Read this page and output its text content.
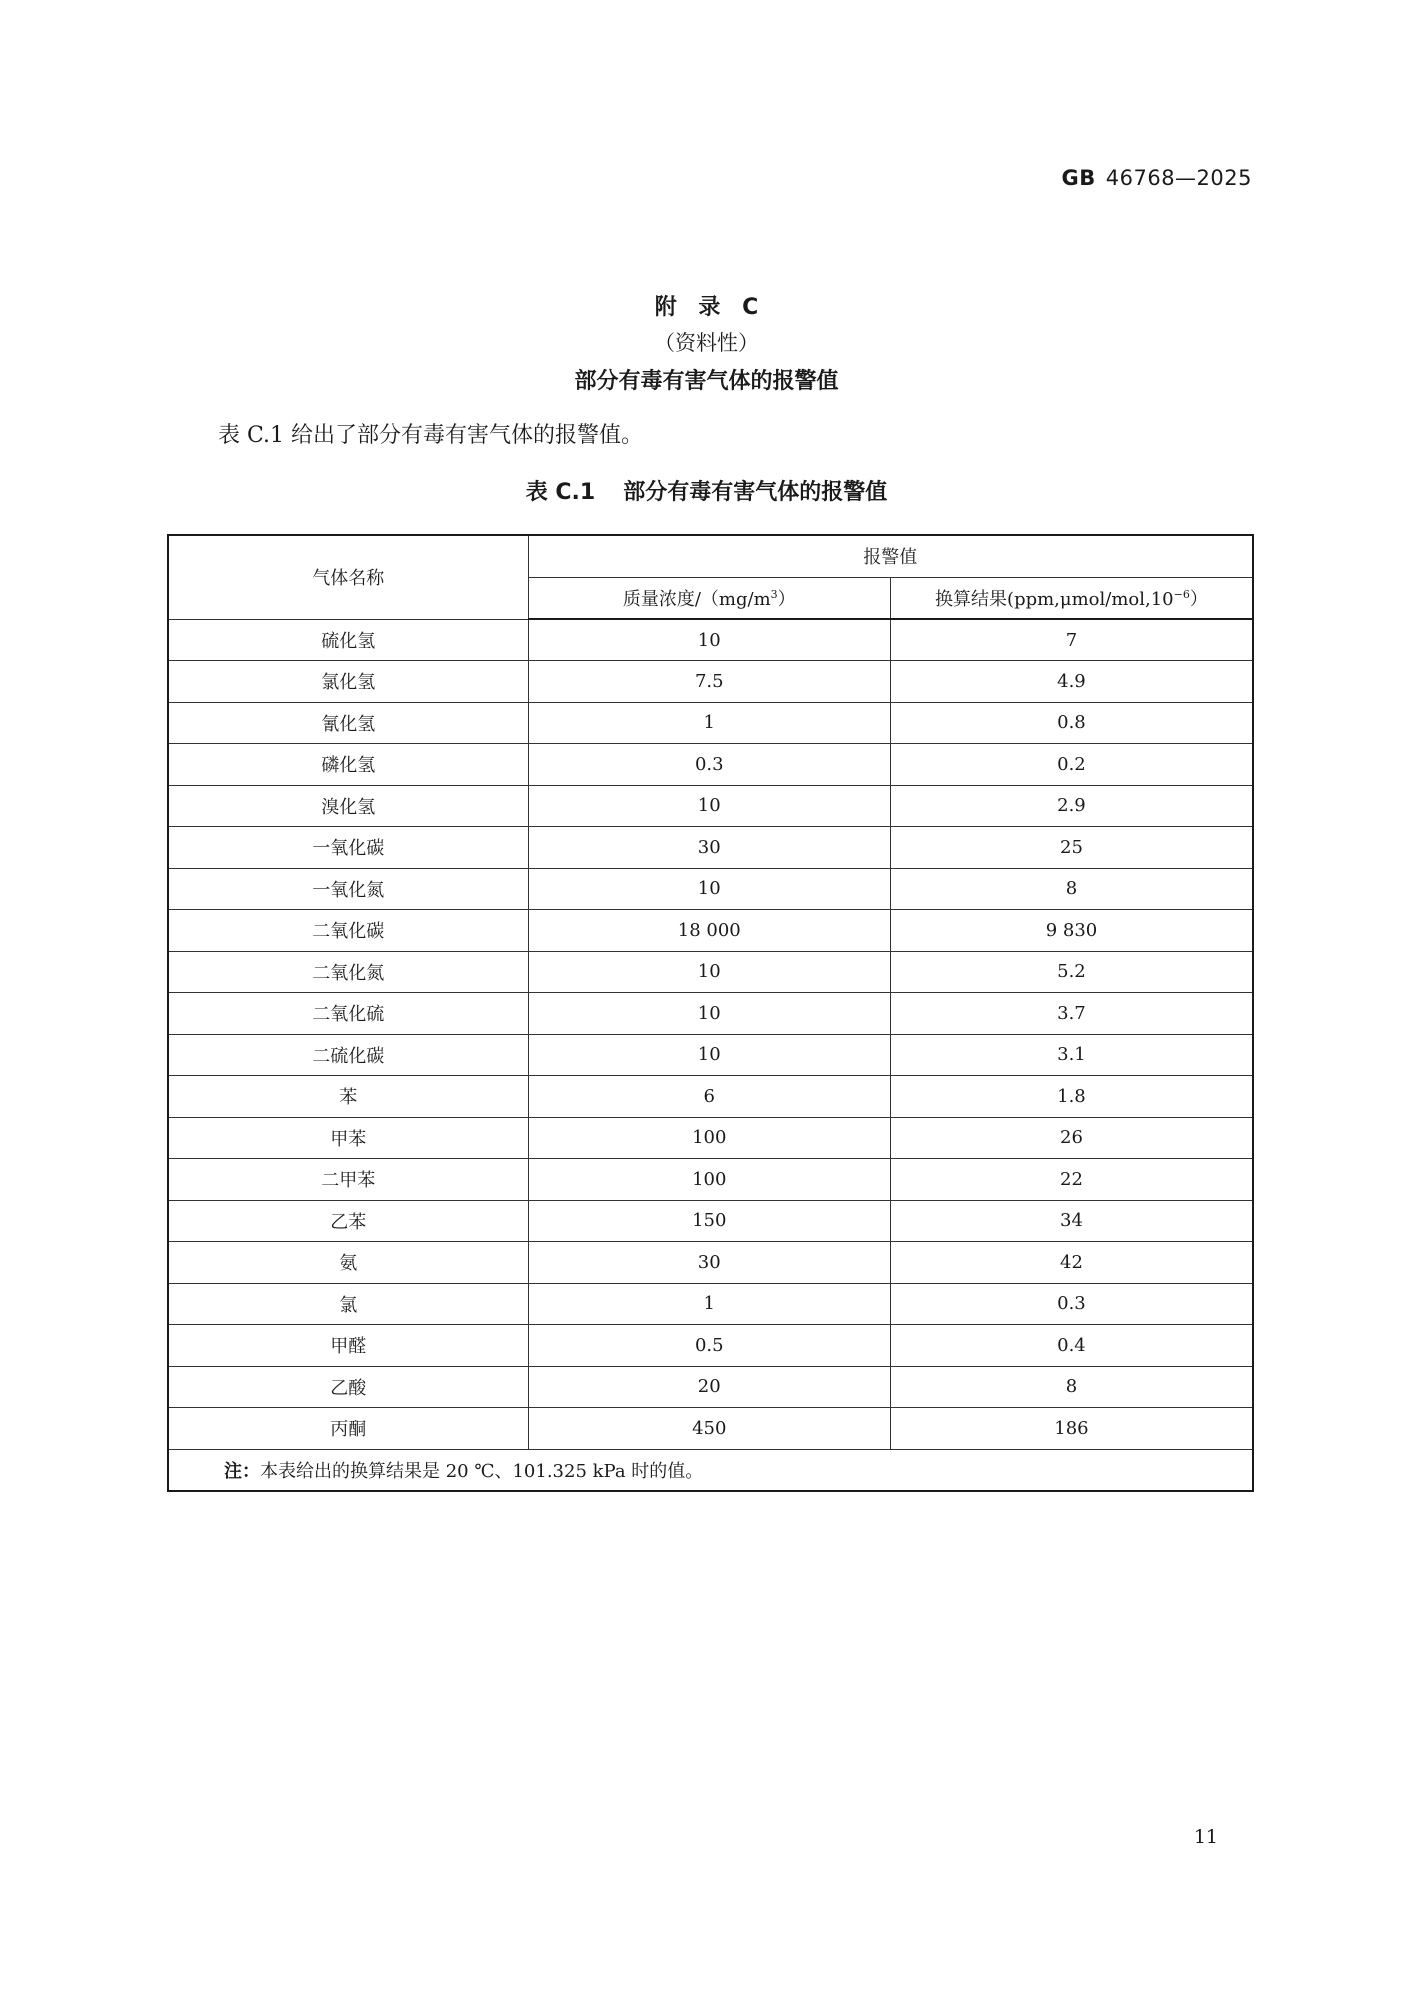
GB 46768—2025
附 录 C
（资料性）
部分有毒有害气体的报警值
表 C.1 给出了部分有毒有害气体的报警值。
表 C.1 部分有毒有害气体的报警值
气体名称	报警值	
	质量浓度$/(mg/m^3)$	换算结果$(ppm,\mu mol/mol,10^{-6})$
硫化氢	10	7
氯化氢	7.5	4.9
氰化氢	1	0.8
磷化氢	0.3	0.2
溴化氢	10	2.9
一氧化碳	30	25
一氧化氮	10	8
二氧化碳	18 000	9 830
二氧化氮	10	5.2
二氧化硫	10	3.7
二硫化碳	10	3.1
苯	6	1.8
甲苯	100	26
二甲苯	100	22
乙苯	150	34
氨	30	42
氯	1	0.3
甲醛	0.5	0.4
乙酸	20	8
丙酮	450	186
注：本表给出的换算结果是 20 ℃、101.325 kPa 时的值。		
11
